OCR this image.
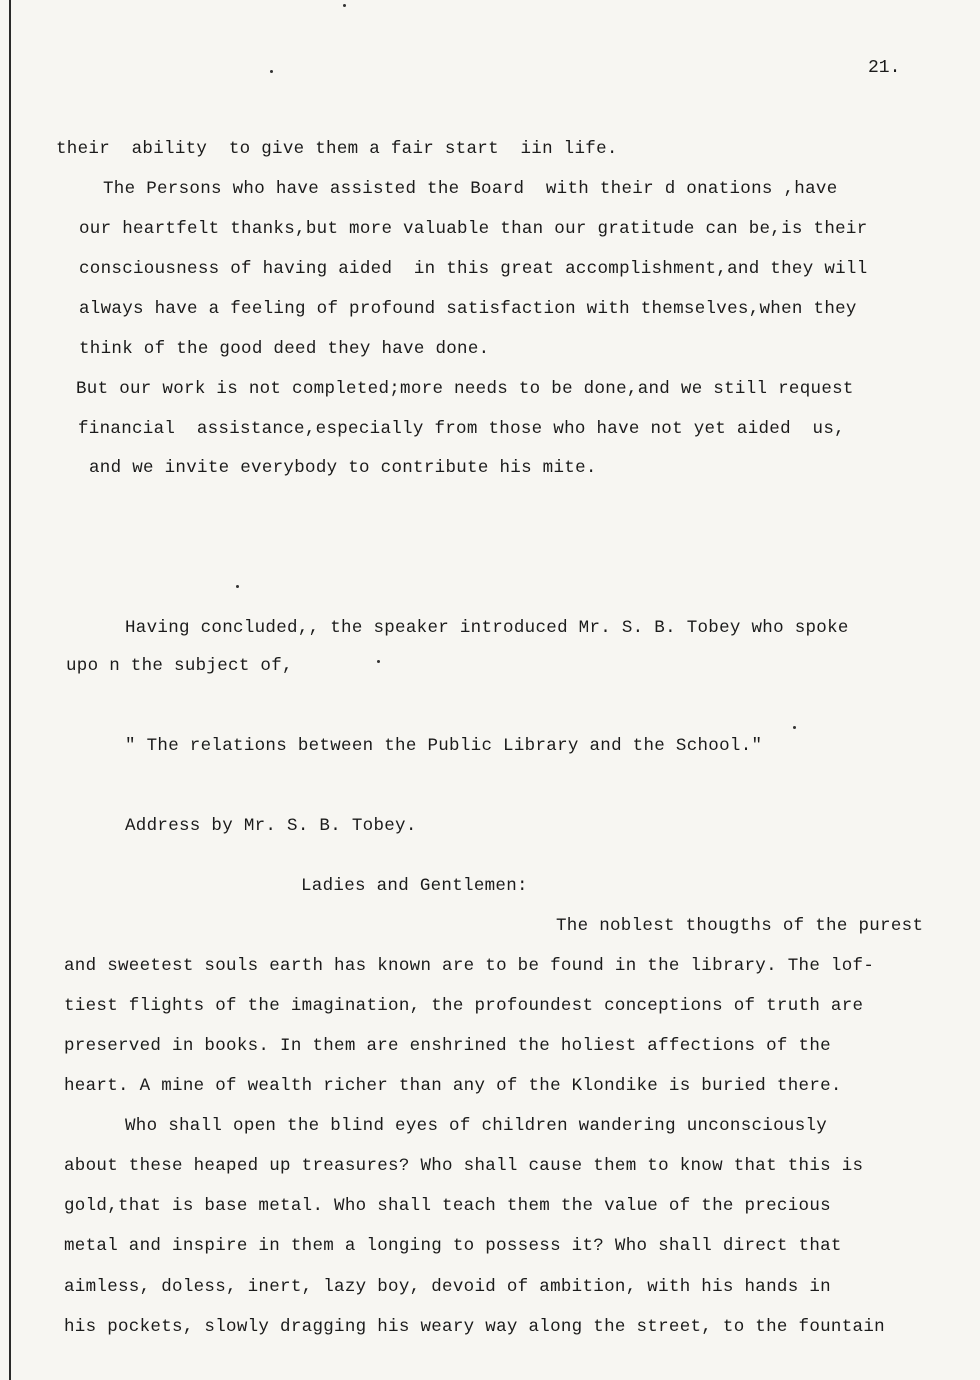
21.
their  ability  to give them a fair start  iin life.
The Persons who have assisted the Board  with their d onations ,have
our heartfelt thanks,but more valuable than our gratitude can be,is their
consciousness of having aided  in this great accomplishment,and they will
always have a feeling of profound satisfaction with themselves,when they
think of the good deed they have done.
But our work is not completed;more needs to be done,and we still request
financial  assistance,especially from those who have not yet aided  us,
and we invite everybody to contribute his mite.
Having concluded,, the speaker introduced Mr. S. B. Tobey who spoke
upo n the subject of,
" The relations between the Public Library and the School."
Address by Mr. S. B. Tobey.
Ladies and Gentlemen:
The noblest thougths of the purest
and sweetest souls earth has known are to be found in the library. The lof-
tiest flights of the imagination, the profoundest conceptions of truth are
preserved in books. In them are enshrined the holiest affections of the
heart. A mine of wealth richer than any of the Klondike is buried there.
Who shall open the blind eyes of children wandering unconsciously
about these heaped up treasures? Who shall cause them to know that this is
gold,that is base metal. Who shall teach them the value of the precious
metal and inspire in them a longing to possess it? Who shall direct that
aimless, doless, inert, lazy boy, devoid of ambition, with his hands in
his pockets, slowly dragging his weary way along the street, to the fountain
